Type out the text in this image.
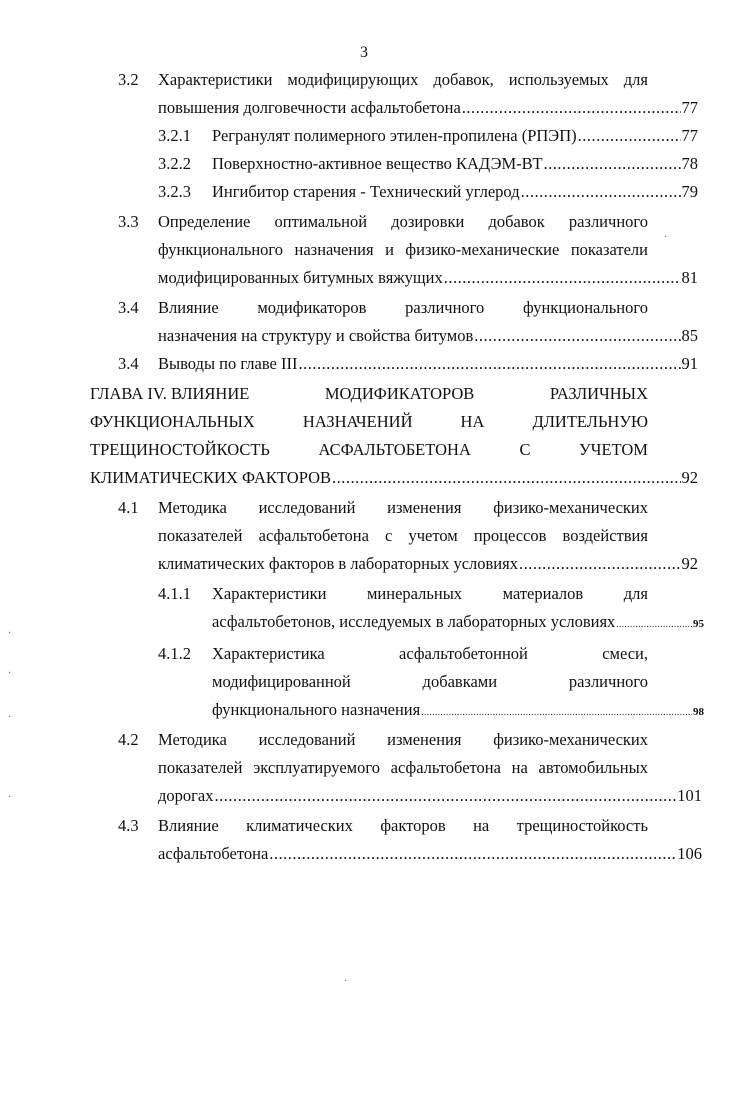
3
3.2 Характеристики модифицирующих добавок, используемых для
повышения долговечности асфальтобетона .....	77
3.2.1 Регранулят полимерного этилен-пропилена (РПЭП) .....	77
3.2.2 Поверхностно-активное вещество КАДЭМ-ВТ .....	78
3.2.3 Ингибитор старения - Технический углерод .....	79
3.3 Определение оптимальной дозировки добавок различного
функционального назначения и физико-механические показатели
модифицированных битумных вяжущих .....	81
3.4 Влияние модификаторов различного функционального
назначения на структуру и свойства битумов .....	85
3.4 Выводы по главе III .....	91
ГЛАВА IV. ВЛИЯНИЕ	МОДИФИКАТОРОВ	РАЗЛИЧНЫХ
ФУНКЦИОНАЛЬНЫХ	НАЗНАЧЕНИЙ	НА	ДЛИТЕЛЬНУЮ
ТРЕЩИНОСТОЙКОСТЬ	АСФАЛЬТОБЕТОНА	С	УЧЕТОМ
КЛИМАТИЧЕСКИХ ФАКТОРОВ .....	92
4.1 Методика исследований изменения физико-механических
показателей асфальтобетона с учетом процессов воздействия
климатических факторов в лабораторных условиях .....	92
4.1.1 Характеристики минеральных материалов для
асфальтобетонов, исследуемых в лабораторных условиях .....	95
4.1.2 Характеристика	асфальтобетонной	смеси,
модифицированной	добавками	различного
функционального назначения .....	98
4.2 Методика исследований изменения физико-механических
показателей эксплуатируемого асфальтобетона на автомобильных
дорогах .....	101
4.3 Влияние климатических факторов на трещиностойкость
асфальтобетона .....	106
·
·
·
·
·
·
